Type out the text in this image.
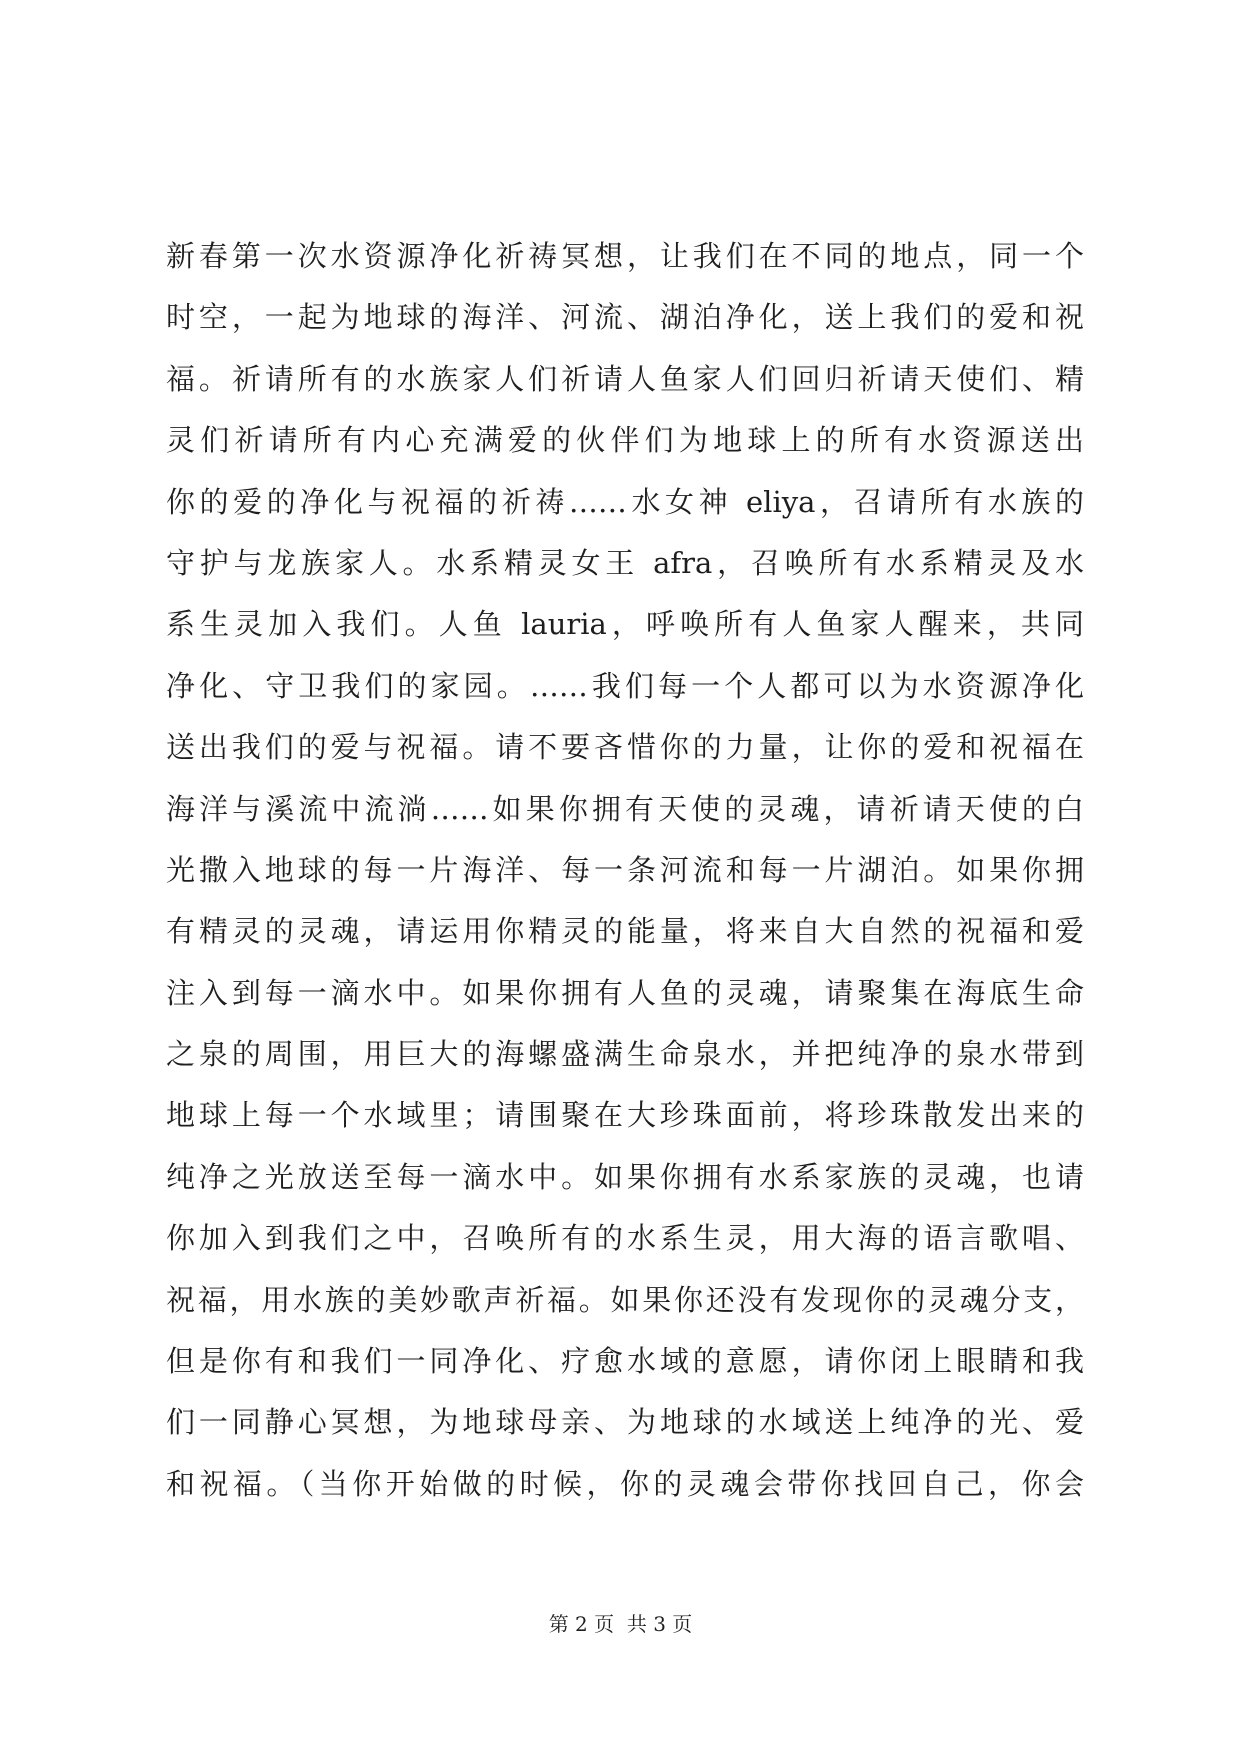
新春第一次水资源净化祈祷冥想，让我们在不同的地点，同一个
时空，一起为地球的海洋、河流、湖泊净化，送上我们的爱和祝
福。祈请所有的水族家人们祈请人鱼家人们回归祈请天使们、精
灵们祈请所有内心充满爱的伙伴们为地球上的所有水资源送出
你的爱的净化与祝福的祈祷……水女神 eliya，召请所有水族的
守护与龙族家人。水系精灵女王 afra，召唤所有水系精灵及水
系生灵加入我们。人鱼 lauria，呼唤所有人鱼家人醒来，共同
净化、守卫我们的家园。……我们每一个人都可以为水资源净化
送出我们的爱与祝福。请不要吝惜你的力量，让你的爱和祝福在
海洋与溪流中流淌……如果你拥有天使的灵魂，请祈请天使的白
光撒入地球的每一片海洋、每一条河流和每一片湖泊。如果你拥
有精灵的灵魂，请运用你精灵的能量，将来自大自然的祝福和爱
注入到每一滴水中。如果你拥有人鱼的灵魂，请聚集在海底生命
之泉的周围，用巨大的海螺盛满生命泉水，并把纯净的泉水带到
地球上每一个水域里；请围聚在大珍珠面前，将珍珠散发出来的
纯净之光放送至每一滴水中。如果你拥有水系家族的灵魂，也请
你加入到我们之中，召唤所有的水系生灵，用大海的语言歌唱、
祝福，用水族的美妙歌声祈福。如果你还没有发现你的灵魂分支，
但是你有和我们一同净化、疗愈水域的意愿，请你闭上眼睛和我
们一同静心冥想，为地球母亲、为地球的水域送上纯净的光、爱
和祝福。（当你开始做的时候，你的灵魂会带你找回自己，你会
第 2 页  共 3 页
